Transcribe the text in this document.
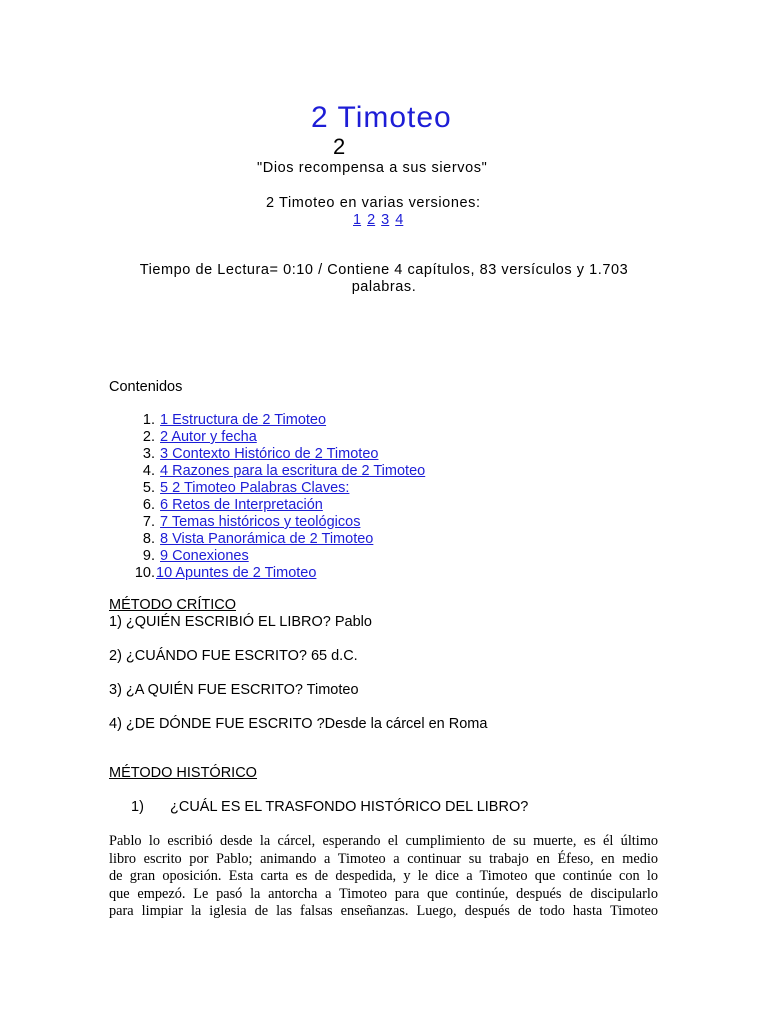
2 Timoteo
2
"Dios recompensa a sus siervos"
2 Timoteo en varias versiones:
1 2 3 4
Tiempo de Lectura= 0:10 / Contiene 4 capítulos, 83 versículos y 1.703
palabras.
Contenidos
1. 1 Estructura de 2 Timoteo
2. 2 Autor y fecha
3. 3 Contexto Histórico de 2 Timoteo
4. 4 Razones para la escritura de 2 Timoteo
5. 5 2 Timoteo Palabras Claves:
6. 6 Retos de Interpretación
7. 7 Temas históricos y teológicos
8. 8 Vista Panorámica de 2 Timoteo
9. 9 Conexiones
10.10 Apuntes de 2 Timoteo
MÉTODO CRÍTICO
1) ¿QUIÉN ESCRIBIÓ EL LIBRO? Pablo
2) ¿CUÁNDO FUE ESCRITO? 65 d.C.
3) ¿A QUIÉN FUE ESCRITO? Timoteo
4) ¿DE DÓNDE FUE ESCRITO ?Desde la cárcel en Roma
MÉTODO HISTÓRICO
1) ¿CUÁL ES EL TRASFONDO HISTÓRICO DEL LIBRO?
Pablo lo escribió desde la cárcel, esperando el cumplimiento de su muerte, es él último
libro escrito por Pablo; animando a Timoteo a continuar su trabajo en Éfeso, en medio
de gran oposición. Esta carta es de despedida, y le dice a Timoteo que continúe con lo
que empezó. Le pasó la antorcha a Timoteo para que continúe, después de discipularlo
para limpiar la iglesia de las falsas enseñanzas. Luego, después de todo hasta Timoteo
